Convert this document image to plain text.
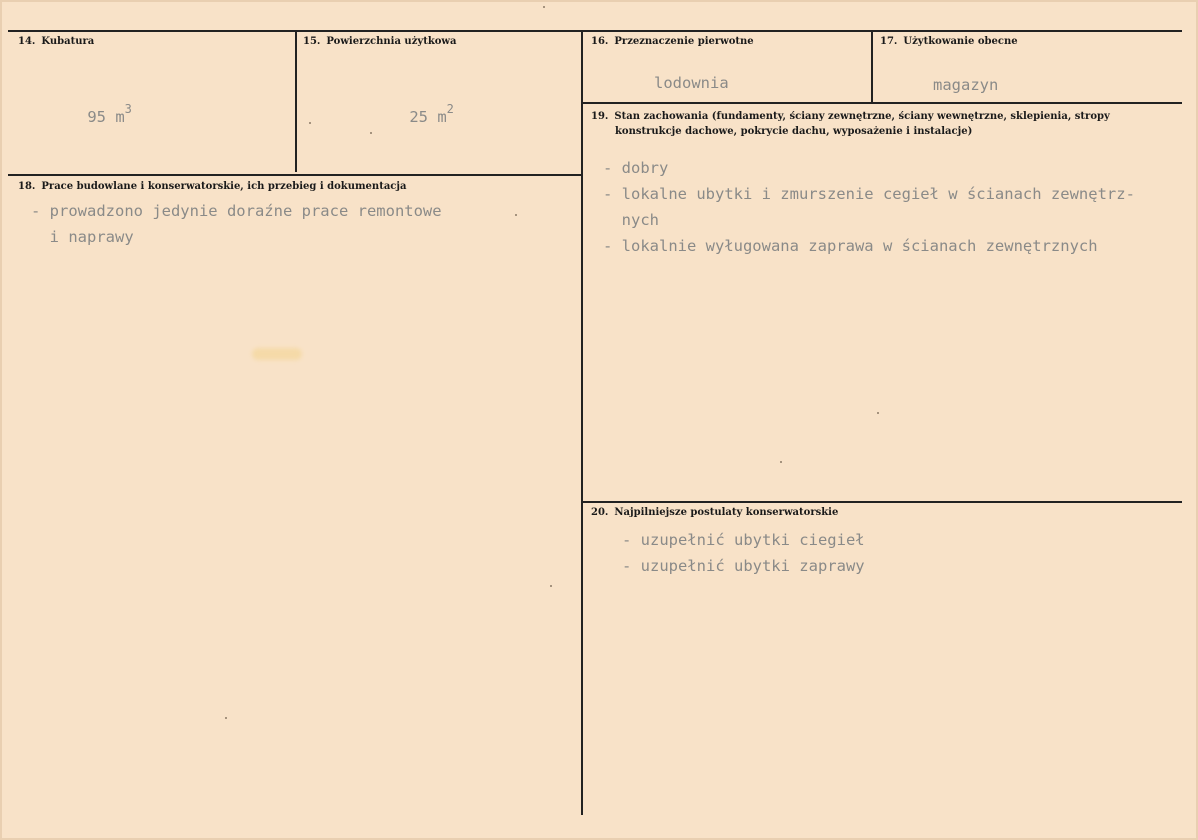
14. Kubatura

95 $m^3$

15. Powierzchnia użytkowa

25 $m^2$

16. Przeznaczenie pierwotne
lodownia
17. Użytkowanie obecne
magazyn
18. Prace budowlane i konserwatorskie, ich przebieg i dokumentacja
- prowadzono jedynie doraźne prace remontowe
i naprawy
19. Stan zachowania (fundamenty, ściany zewnętrzne, ściany wewnętrzne, sklepienia, stropy konstrukcje dachowe, pokrycie dachu, wyposażenie i instalacje)
- dobry
- lokalne ubytki i zmurszenie cegieł w ścianach zewnętrz-
nych
- lokalnie wyługowana zaprawa w ścianach zewnętrznych
20. Najpilniejsze postulaty konserwatorskie
- uzupełnić ubytki ciegieł
- uzupełnić ubytki zaprawy
